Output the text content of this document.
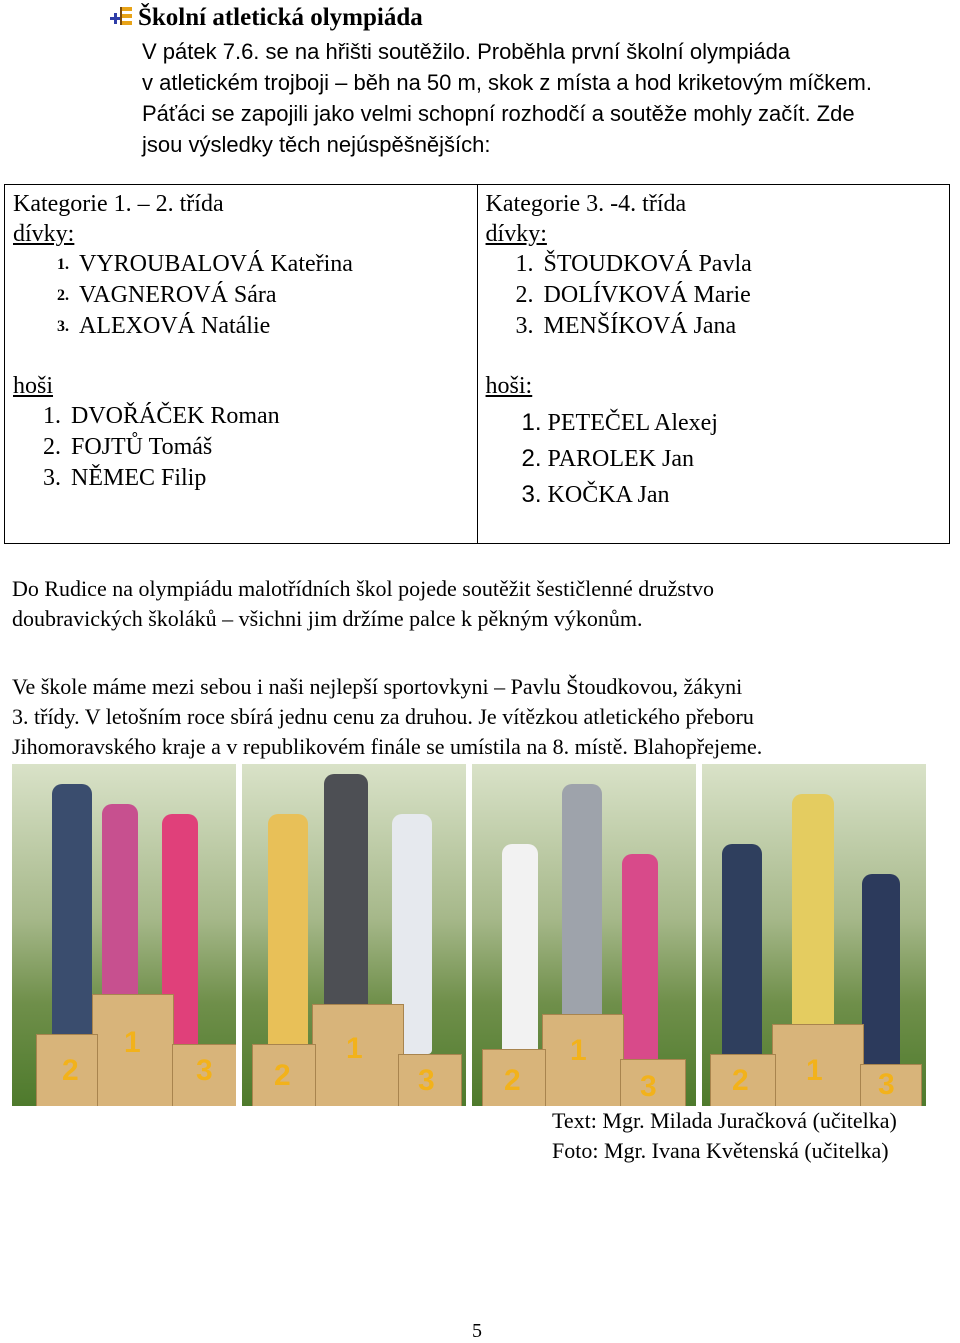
Školní atletická olympiáda

V pátek 7.6. se na hřišti soutěžilo. Proběhla první školní olympiáda

v atletickém trojboji – běh na 50 m, skok z místa a hod kriketovým míčkem.

Páťáci se zapojili jako velmi schopní rozhodčí a soutěže mohly začít. Zde

jsou výsledky těch nejúspěšnějších:

Kategorie 1. – 2. třída
dívky:
1. VYROUBALOVÁ Kateřina
2. VAGNEROVÁ Sára
3. ALEXOVÁ Natálie
hoši
1. DVOŘÁČEK Roman
2. FOJTŮ Tomáš
3. NĚMEC Filip

Kategorie 3. -4. třída
dívky:
1. ŠTOUDKOVÁ Pavla
2. DOLÍVKOVÁ Marie
3. MENŠÍKOVÁ Jana
hoši:
1. PETEČEL Alexej
2. PAROLEK Jan
3. KOČKA Jan

Do Rudice na olympiádu malotřídních škol pojede soutěžit šestičlenné družstvo

doubravických školáků – všichni jim držíme palce k pěkným výkonům.

Ve škole máme mezi sebou i naši nejlepší sportovkyni – Pavlu Štoudkovou, žákyni

3. třídy. V letošním roce sbírá jednu cenu za druhou. Je vítězkou atletického přeboru

Jihomoravského kraje a v republikovém finále se umístila na 8. místě. Blahopřejeme.

1
2	3
1
2	3
1
2	3	1
2	3

Text: Mgr. Milada Juračková (učitelka)

Foto: Mgr. Ivana Květenská (učitelka)

5
